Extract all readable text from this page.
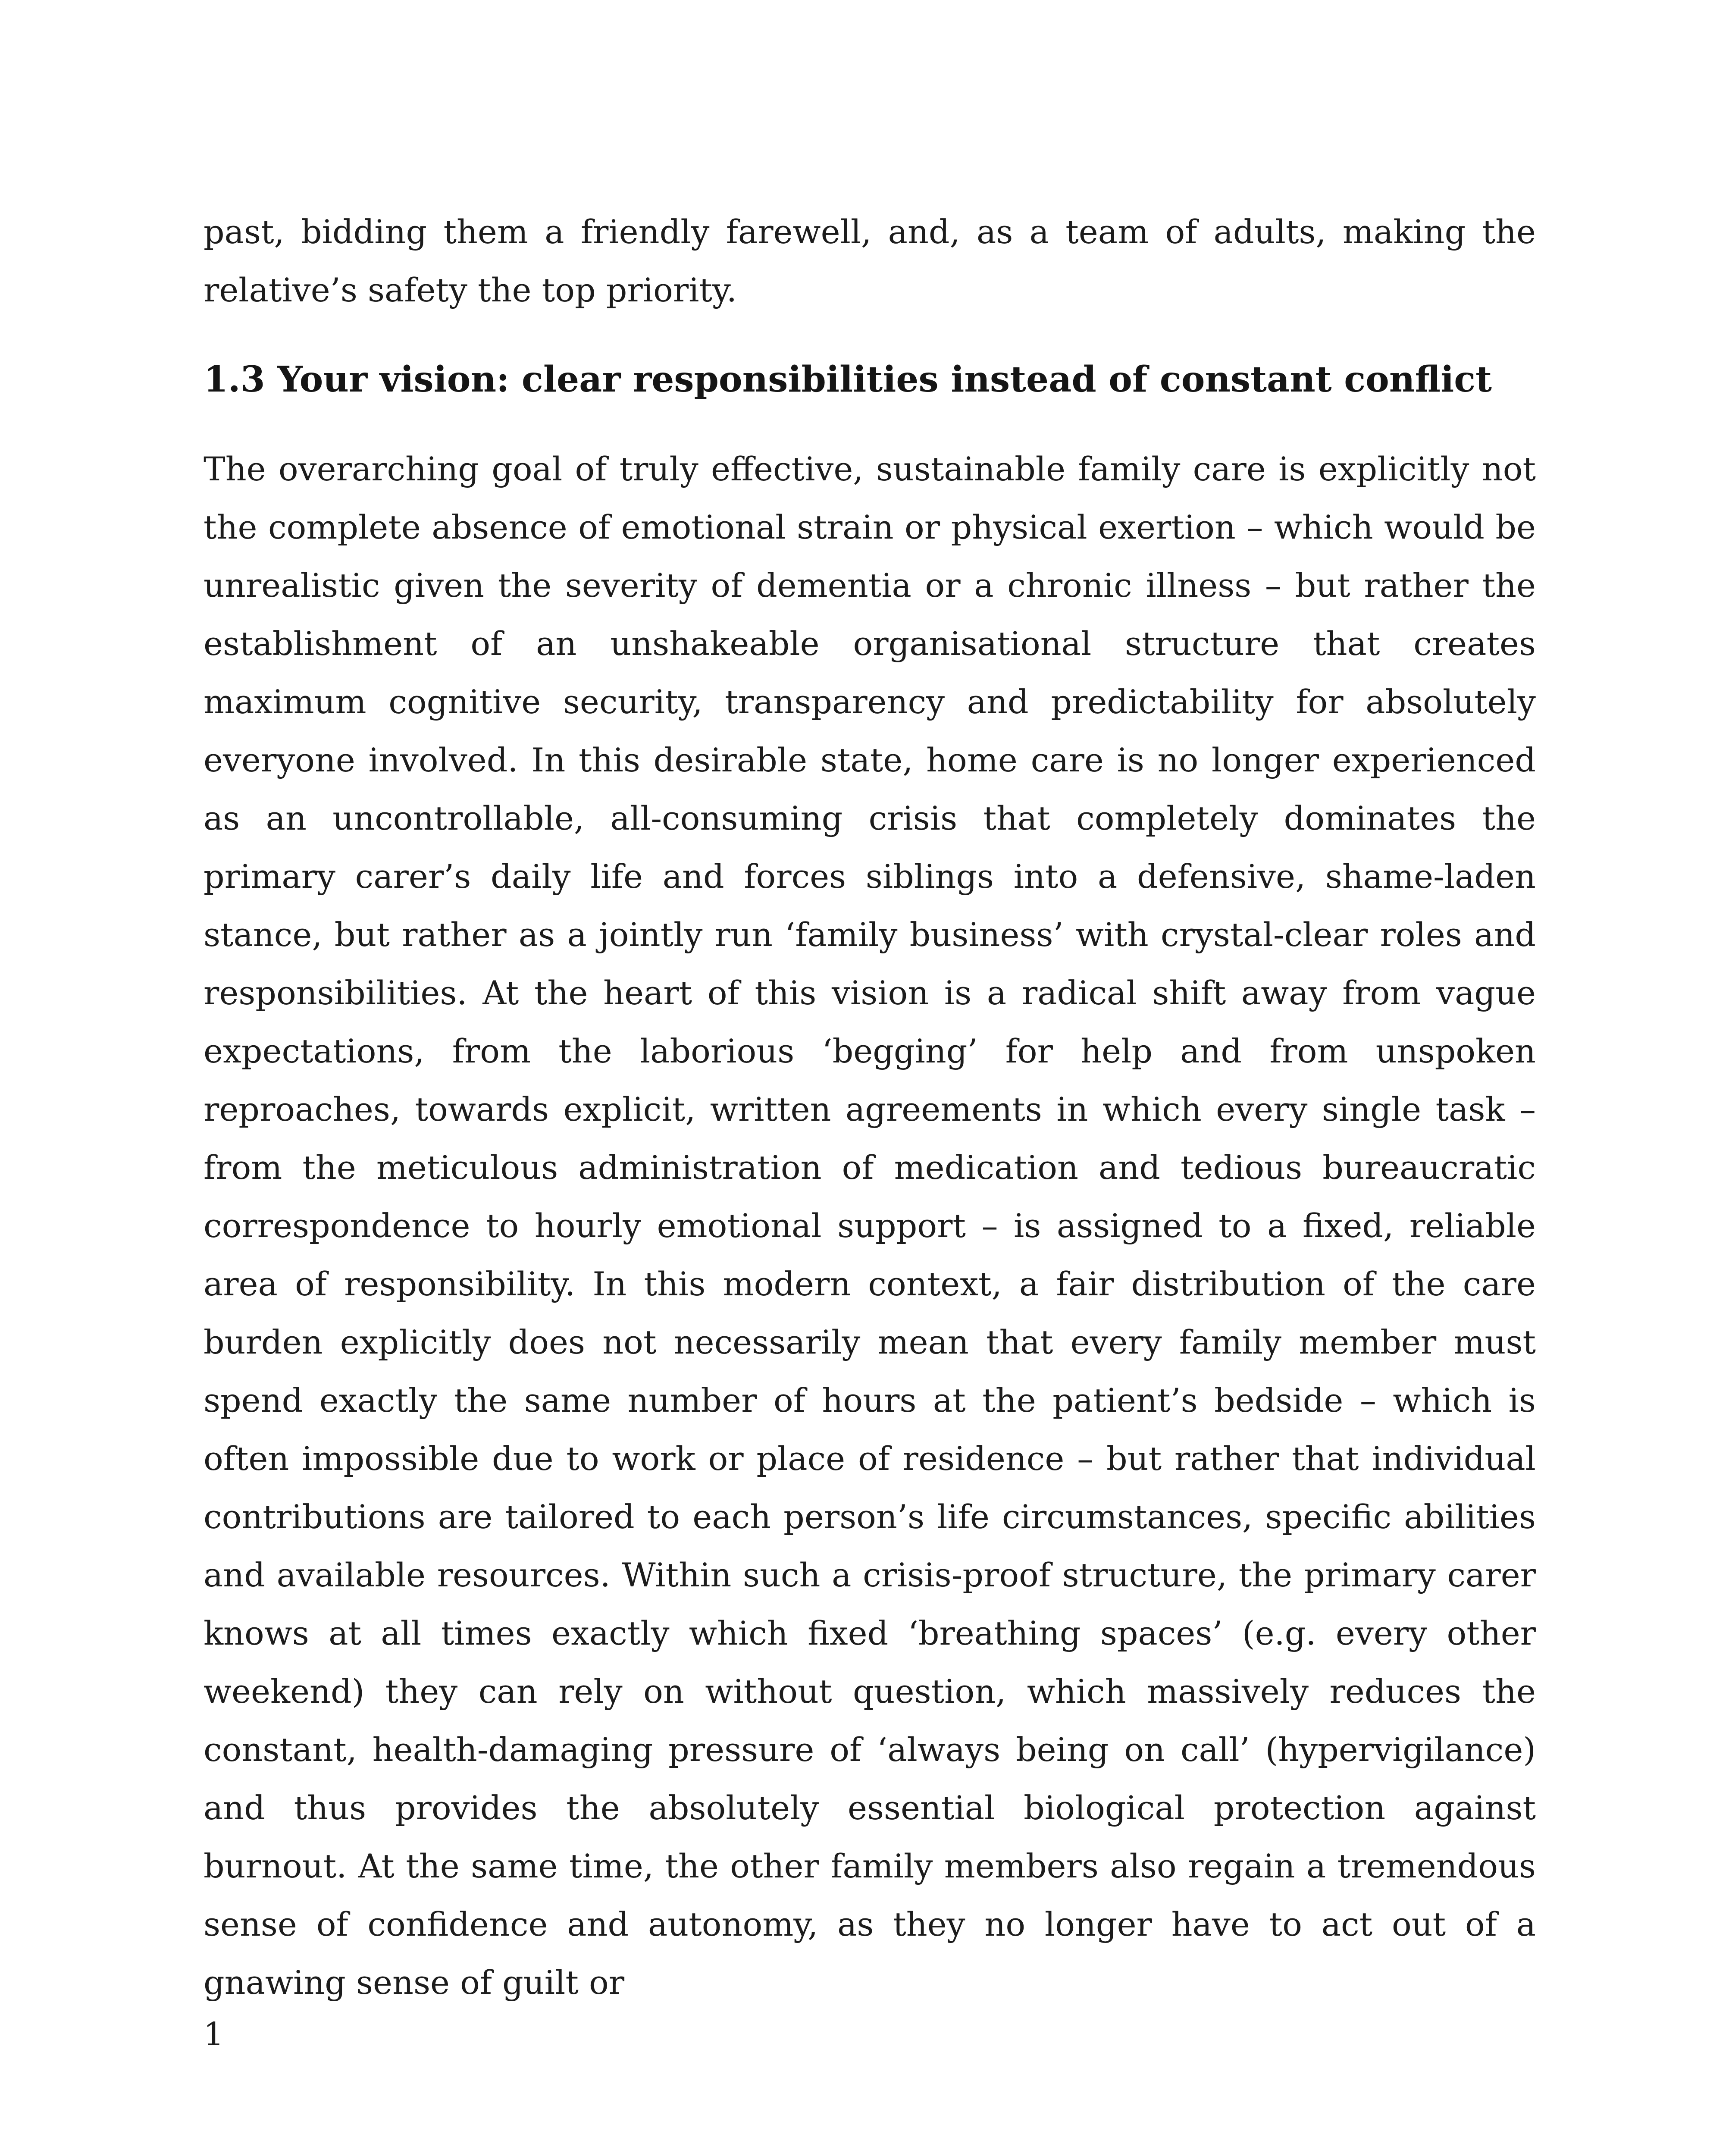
past, bidding them a friendly farewell, and, as a team of adults, making the relative’s safety the top priority.

1.3 Your vision: clear responsibilities instead of constant conflict

The overarching goal of truly effective, sustainable family care is explicitly not the complete absence of emotional strain or physical exertion – which would be unrealistic given the severity of dementia or a chronic illness – but rather the establishment of an unshakeable organisational structure that creates maximum cognitive security, transparency and predictability for absolutely everyone involved. In this desirable state, home care is no longer experienced as an uncontrollable, all-consuming crisis that completely dominates the primary carer’s daily life and forces siblings into a defensive, shame-laden stance, but rather as a jointly run ‘family business’ with crystal-clear roles and responsibilities. At the heart of this vision is a radical shift away from vague expectations, from the laborious ‘begging’ for help and from unspoken reproaches, towards explicit, written agreements in which every single task – from the meticulous administration of medication and tedious bureaucratic correspondence to hourly emotional support – is assigned to a fixed, reliable area of responsibility. In this modern context, a fair distribution of the care burden explicitly does not necessarily mean that every family member must spend exactly the same number of hours at the patient’s bedside – which is often impossible due to work or place of residence – but rather that individual contributions are tailored to each person’s life circumstances, specific abilities and available resources. Within such a crisis-proof structure, the primary carer knows at all times exactly which fixed ‘breathing spaces’ (e.g. every other weekend) they can rely on without question, which massively reduces the constant, health-damaging pressure of ‘always being on call’ (hypervigilance) and thus provides the absolutely essential biological protection against burnout. At the same time, the other family members also regain a tremendous sense of confidence and autonomy, as they no longer have to act out of a gnawing sense of guilt or

1
